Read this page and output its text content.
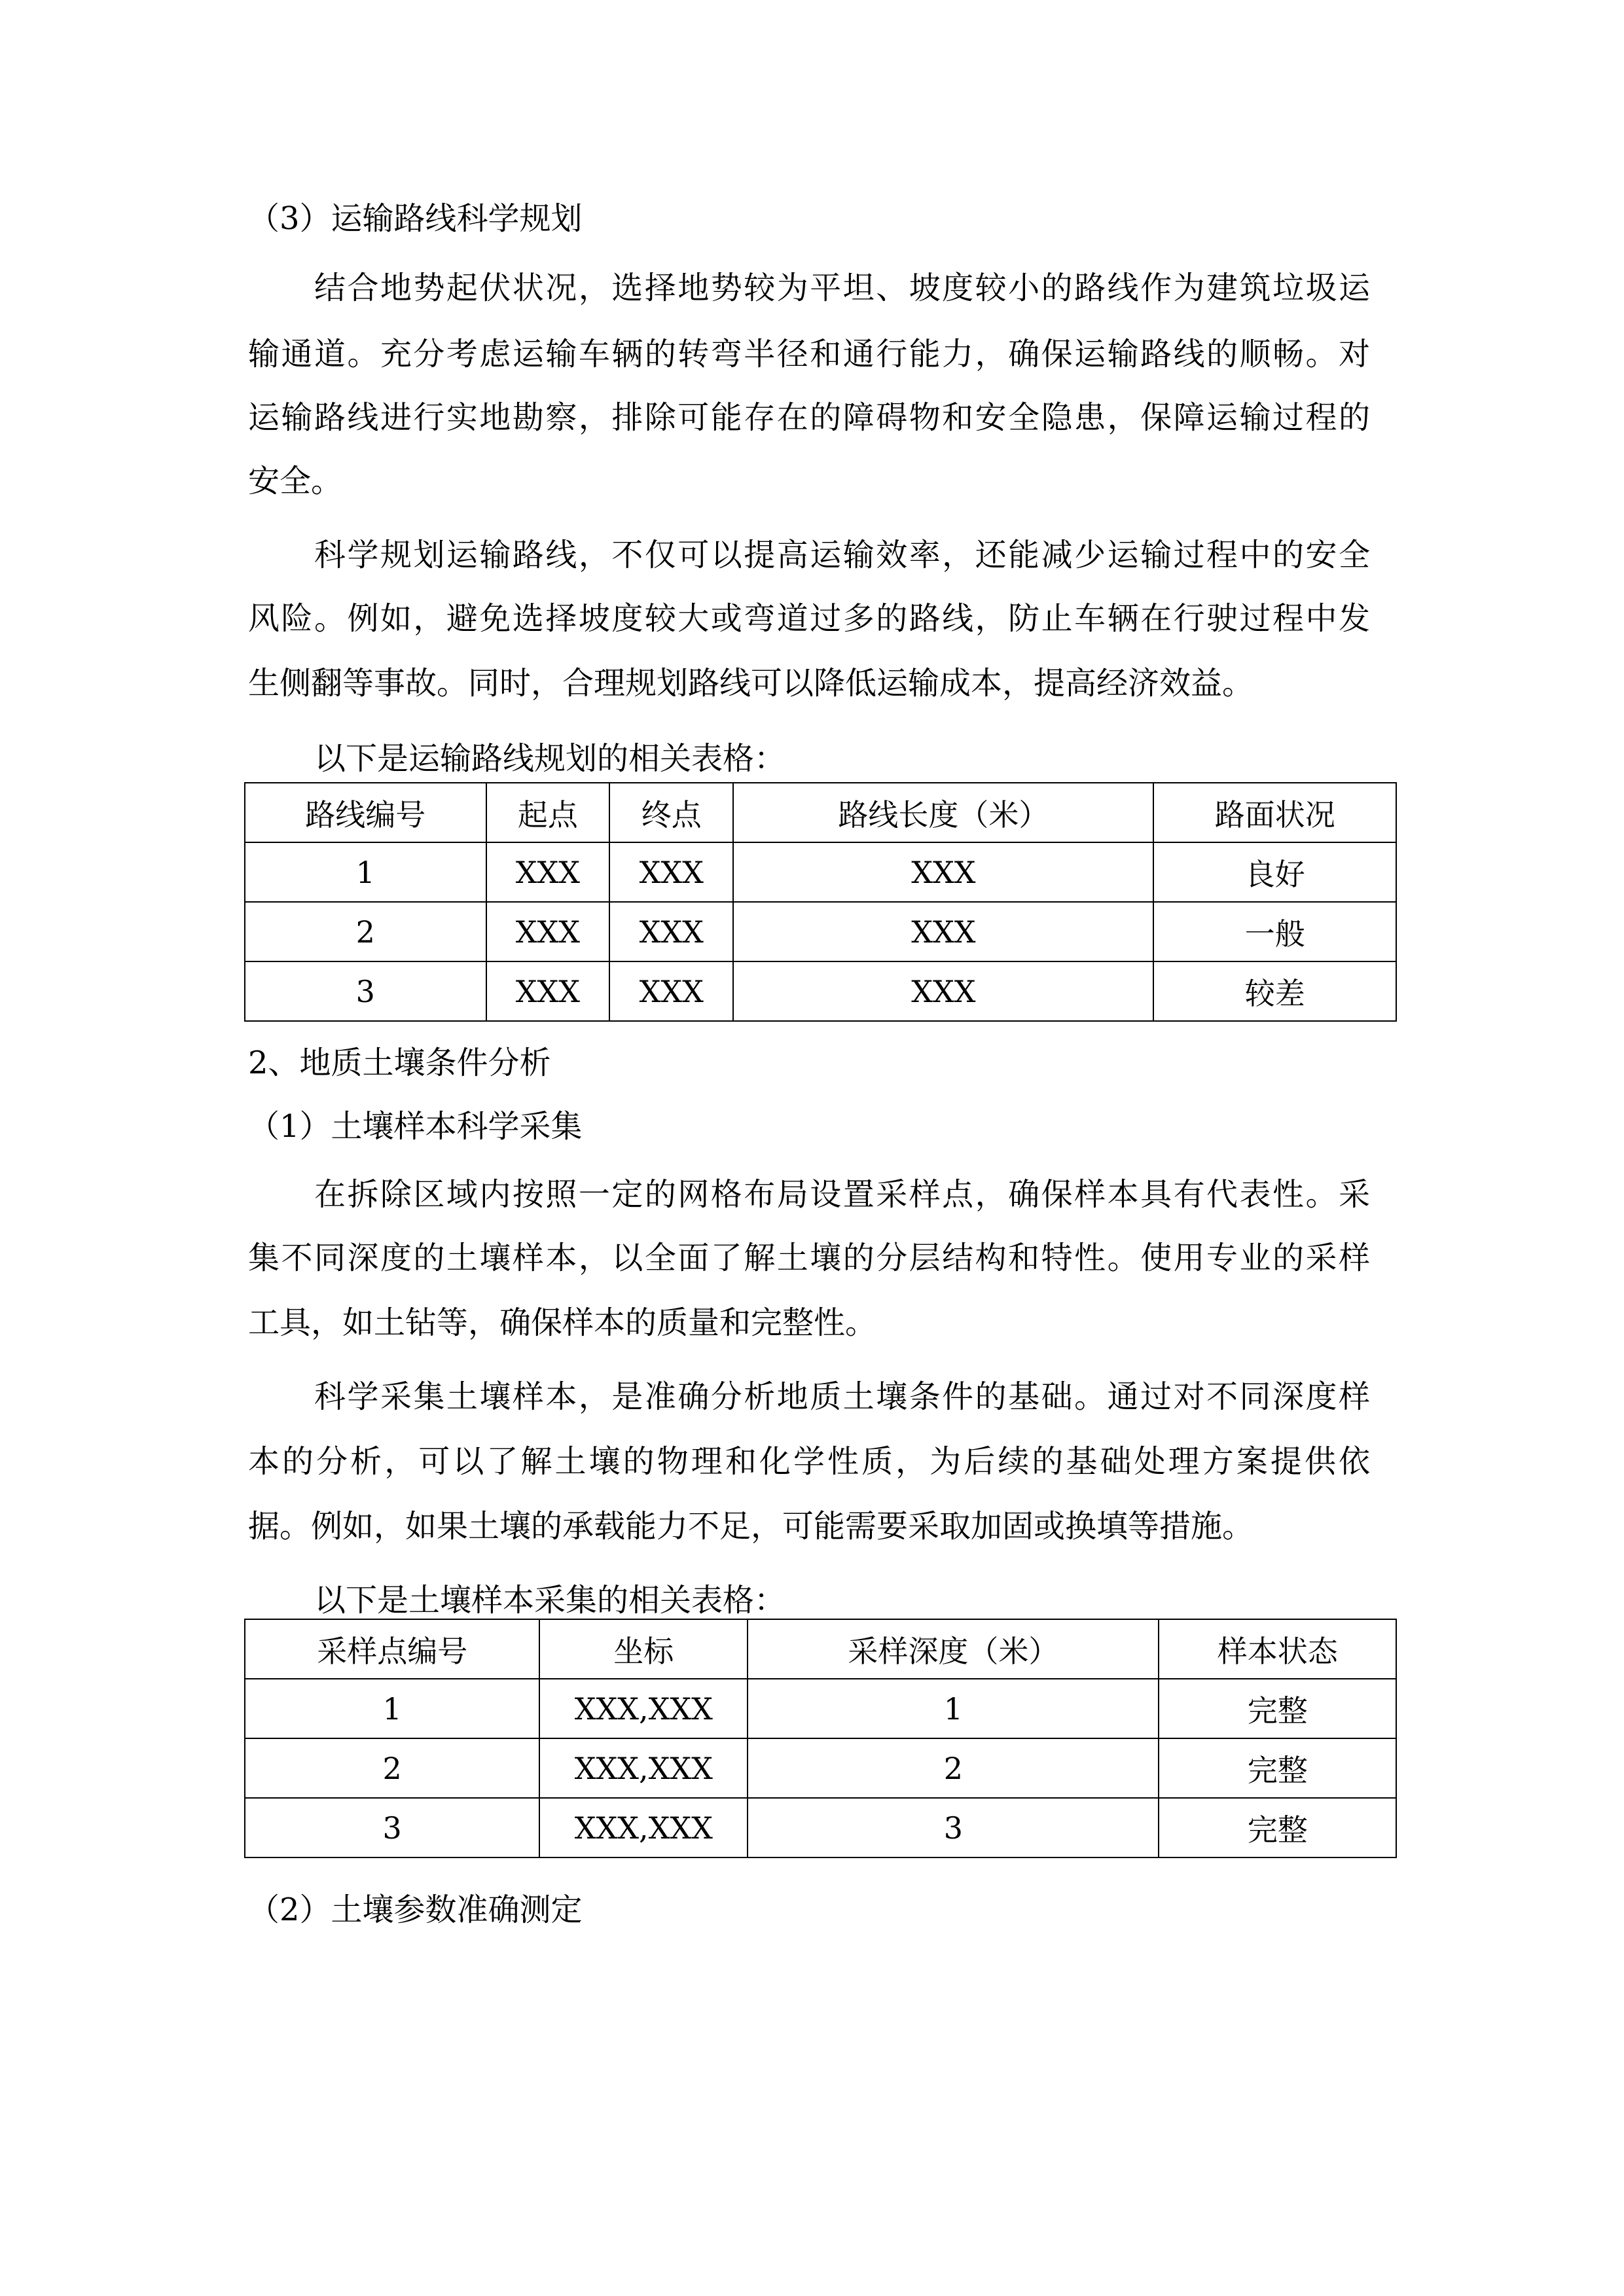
（3）运输路线科学规划
结合地势起伏状况，选择地势较为平坦、坡度较小的路线作为建筑垃圾运
输通道。充分考虑运输车辆的转弯半径和通行能力，确保运输路线的顺畅。对
运输路线进行实地勘察，排除可能存在的障碍物和安全隐患，保障运输过程的
安全。
科学规划运输路线，不仅可以提高运输效率，还能减少运输过程中的安全
风险。例如，避免选择坡度较大或弯道过多的路线，防止车辆在行驶过程中发
生侧翻等事故。同时，合理规划路线可以降低运输成本，提高经济效益。
以下是运输路线规划的相关表格：
路线编号	起点	终点	路线长度（米）	路面状况
1	XXX	XXX	XXX	良好
2	XXX	XXX	XXX	一般
3	XXX	XXX	XXX	较差
2、地质土壤条件分析
（1）土壤样本科学采集
在拆除区域内按照一定的网格布局设置采样点，确保样本具有代表性。采
集不同深度的土壤样本，以全面了解土壤的分层结构和特性。使用专业的采样
工具，如土钻等，确保样本的质量和完整性。
科学采集土壤样本，是准确分析地质土壤条件的基础。通过对不同深度样
本的分析，可以了解土壤的物理和化学性质，为后续的基础处理方案提供依
据。例如，如果土壤的承载能力不足，可能需要采取加固或换填等措施。
以下是土壤样本采集的相关表格：
采样点编号	坐标	采样深度（米）	样本状态
1	XXX,XXX	1	完整
2	XXX,XXX	2	完整
3	XXX,XXX	3	完整
（2）土壤参数准确测定
